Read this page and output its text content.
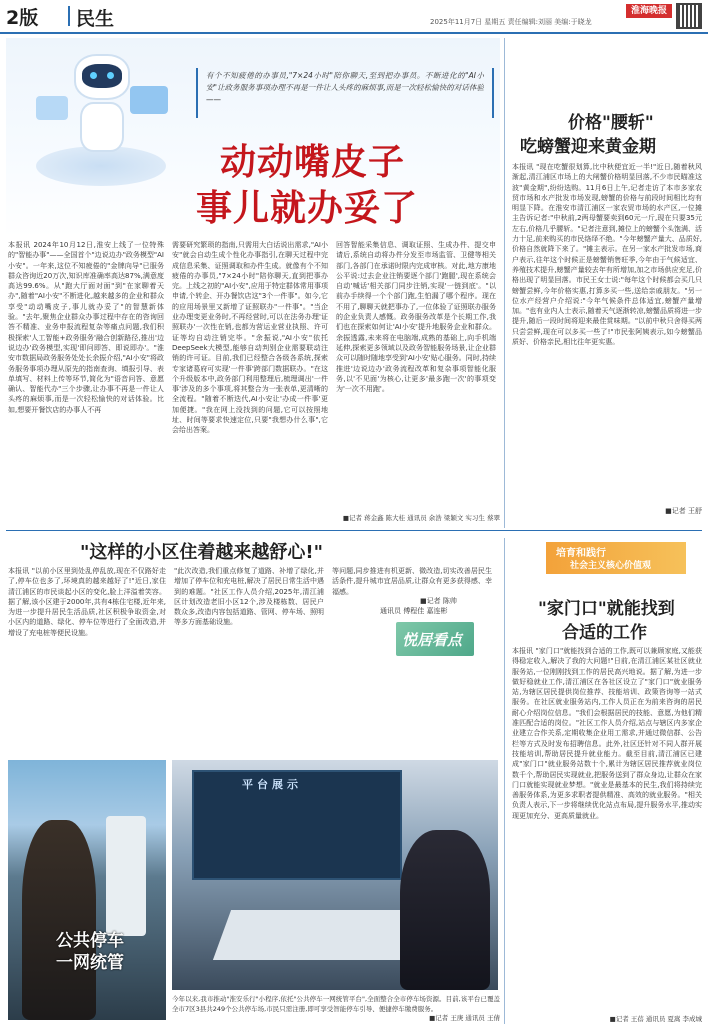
2版 民生	2025年11月7日 星期五 责任编辑:刘丽 美编:于晓龙
淮海晚报
有个不知疲倦的办事员,"7×24小时"陪你聊天,至到把办事员。不断进化的"AI小安"让政务服务事项办理不再是一件让人头疼的麻烦事,而是一次轻松愉快的对话体验——
动动嘴皮子
事儿就办妥了
本报讯 2024年10月12日,淮安上线了一位特殊的"智能办事"——全国首个"边说边办"政务模型"AI小安"。一年来,这位不知疲倦的"金牌向导"已服务群众咨询近20万次,知识库准确率高达87%,满意度高达99.6%。从"跑大厅面对面"到"在家聊着天办",随着"AI小安"不断进化,越来越多的企业和群众享受"动动嘴皮子,事儿就办妥了"的智慧新体验。"去年,聚焦企业群众办事过程中存在的咨询回答不精准、业务申报流程复杂等痛点问题,我们积极探索'人工智能+政务服务'融合创新路径,推出'边说边办'政务模型,实现'即问即答、即说即办'。"淮安市数据局政务服务处处长余振介绍,"AI小安"将政务服务事项办理从原先的指南查询、填报引导、表单填写、材料上传等环节,简化为"语音问答、意愿确认、智能代办"三个步骤,让办事不再是一件让人头疼的麻烦事,而是一次轻松愉快的对话体验。比如,想要开餐饮店的办事人不再
需要研究繁琐的指南,只需用大白话说出需求,"AI小安"就会自动生成个性化办事指引,在聊天过程中完成信息采集、证照调取和办件生成。就像有个不知疲倦的办事员,"7×24小时"陪你聊天,直到把事办完。上线之初的"AI小安",应用于特定群体常用事项申请,个转企、开办餐饮店这"3个一件事"。如今,它的应用场景里又新增了证照联办"一件事"。"当企业办理变更业务时,不再经营时,可以在法务办理'证照联办'一次性在销,也都为营运业营业执照、许可证等均自动注销完毕。"余振说,"AI小安"依托DeepSeek大模型,能够自动判别企业需要联动注销的许可证。目前,我们已经整合各级各系统,探索专家诸葛府可实现'一件事'跨部门数据联办。"在这个升级版本中,政务部门利用整理后,梳理调出'一件事'涉及的多个事项,将其整合为一张表单,更清晰的全流程。"随着不断迭代,AI小安让'办成一件事'更加便捷。"我在网上没找到的问题,它可以按照地址、时间等要求快速定位,只要"我想办什么事",它会给出答案。
回答智能采集信息、调取证照、生成办件、提交申请后,系统自动将办件分发至市场监管、卫健等相关部门,各部门在承诺时限内完成审核。对此,地方康地公平说:过去企业注销要逐个部门'跑腿',现在系统会自动'喊话'相关部门同步注销,实现'一链到底'。"以前办手续得一个个部门跑,生怕漏了哪个程序。现在不用了,聊聊天就把事办了,一位体验了证照联办服务的企业负责人感慨。政务服务改革是个长期工作,我们也在探索如何让'AI小安'提升地服务企业和群众。余振透露,未来将在电脑端,成熟的基础上,向手机端延伸,探索更多领域以及政务智能服务场景,让企业群众可以随时随地享受到'AI小安'贴心服务。同时,持续推进'边说边办'政务流程改革和复杂事项智能化服务,以'不见面'为核心,让更多'最多跑一次'的事项变为'一次不用跑'。
■记者 蒋金鑫 陈大桂 通讯员 余浩 梁颖文 实习生 蔡翠
价格"腰斩"
吃螃蟹迎来黄金期
本报讯 "现在吃蟹很划算,比中秋便宜近一半!"近日,随着秋风渐起,清江浦区市场上的大闸蟹价格明显回落,不少市民瞄准这波"黄金期",纷纷选购。11月6日上午,记者走访了本市多家农贸市场和水产批发市场发现,螃蟹的价格与前段时间相比均有明显下降。在淮安市清江浦区一家农贸市场的水产区,一位摊主告诉记者:"中秋前,2两母蟹要卖到60元一斤,现在只要35元左右,价格几乎腰斩。"记者注意到,摊位上的螃蟹个头饱满、活力十足,前来购买的市民络绎不绝。"今年螃蟹产量大、品质好,价格自然就降下来了。"摊主表示。在另一家水产批发市场,商户表示,往年这个时候正是螃蟹销售旺季,今年由于气候适宜、养殖技术提升,螃蟹产量较去年有所增加,加之市场供应充足,价格出现了明显回落。市民王女士说:"每年这个时候都会买几只螃蟹尝鲜,今年价格实惠,打算多买一些,送给亲戚朋友。"另一位水产经营户介绍说:"今年气候条件总体适宜,螃蟹产量增加。"也有业内人士表示,随着天气逐渐转凉,螃蟹品质将进一步提升,随后一段时间将迎来最佳赏味期。"以前中秋只舍得买两只尝尝鲜,现在可以多买一些了!"市民张阿姨表示,如今螃蟹品质好、价格亲民,相比往年更实惠。
■记者 王舒
"这样的小区住着越来越舒心!"
本报讯 "以前小区里到处乱停乱放,现在不仅路好走了,停车位也多了,环境真的越来越好了!"近日,家住清江浦区的市民谈起小区的变化,脸上洋溢着笑容。据了解,该小区建于2000年,共有4栋住宅楼,近年来,为进一步提升居民生活品质,社区积极争取资金,对小区内的道路、绿化、停车位等进行了全面改造,并增设了充电桩等便民设施。
"此次改造,我们重点修复了道路、补增了绿化,并增加了停车位和充电桩,解决了居民日常生活中遇到的难题。"社区工作人员介绍,2025年,清江浦区计划改造老旧小区12个,涉及楼栋数、居民户数众多,改造内容包括道路、管网、停车场、照明等多方面基础设施。
等问题,同步推进有机更新、微改造,切实改善居民生活条件,提升城市宜居品质,让群众有更多获得感、幸福感。
悦居看点
■记者 陈帅
通讯员 傅程佳 嘉连彬
培育和践行
社会主义核心价值观
"家门口"就能找到
合适的工作
本报讯 "家门口"就能找到合适的工作,既可以兼顾家庭,又能获得稳定收入,解决了我的大问题!"日前,在清江浦区某社区就业服务站,一位刚刚找到工作的居民高兴地说。据了解,为进一步做好稳就业工作,清江浦区在各社区设立了"家门口"就业服务站,为辖区居民提供岗位推荐、技能培训、政策咨询等一站式服务。在社区就业服务站内,工作人员正在为前来咨询的居民耐心介绍岗位信息。"我们会根据居民的技能、意愿,为他们精准匹配合适的岗位。"社区工作人员介绍,站点与辖区内多家企业建立合作关系,定期收集企业用工需求,并通过微信群、公告栏等方式及时发布招聘信息。此外,社区还针对不同人群开展技能培训,帮助居民提升就业能力。截至目前,清江浦区已建成"家门口"就业服务站数十个,累计为辖区居民推荐就业岗位数千个,帮助居民实现就业,把服务送到了群众身边,让群众在家门口就能实现就业梦想。"就业是最基本的民生,我们将持续完善服务体系,为更多求职者提供精准、高效的就业服务。"相关负责人表示,下一步将继续优化站点布局,提升服务水平,推动实现更加充分、更高质量就业。
■记者 王蓓 通讯员 夏嵩 李成城
公共停车
一网统管
平台展示
今年以来,我市推动"淮安乐行"小程序,依托"公共停车一网统管平台",全面整合全市停车场资源。目前,该平台已覆盖全市7区3县共249个公共停车场,市民只需注册,即可享受智能停车引导、便捷停车缴费服务。
■记者 王庚 通讯员 王倩
